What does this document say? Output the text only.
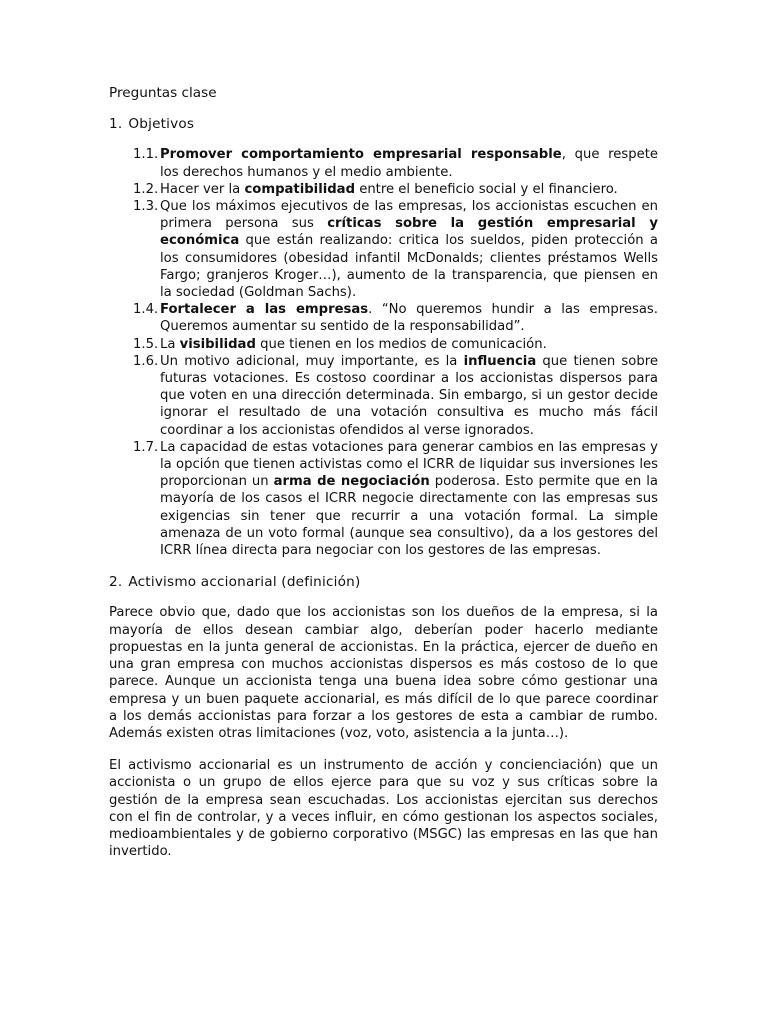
Preguntas clase
1. Objetivos
1.1. Promover comportamiento empresarial responsable, que respete los derechos humanos y el medio ambiente.
1.2. Hacer ver la compatibilidad entre el beneficio social y el financiero.
1.3. Que los máximos ejecutivos de las empresas, los accionistas escuchen en primera persona sus críticas sobre la gestión empresarial y económica que están realizando: critica los sueldos, piden protección a los consumidores (obesidad infantil McDonalds; clientes préstamos Wells Fargo; granjeros Kroger…), aumento de la transparencia, que piensen en la sociedad (Goldman Sachs).
1.4. Fortalecer a las empresas. “No queremos hundir a las empresas. Queremos aumentar su sentido de la responsabilidad”.
1.5. La visibilidad que tienen en los medios de comunicación.
1.6. Un motivo adicional, muy importante, es la influencia que tienen sobre futuras votaciones. Es costoso coordinar a los accionistas dispersos para que voten en una dirección determinada. Sin embargo, si un gestor decide ignorar el resultado de una votación consultiva es mucho más fácil coordinar a los accionistas ofendidos al verse ignorados.
1.7. La capacidad de estas votaciones para generar cambios en las empresas y la opción que tienen activistas como el ICRR de liquidar sus inversiones les proporcionan un arma de negociación poderosa. Esto permite que en la mayoría de los casos el ICRR negocie directamente con las empresas sus exigencias sin tener que recurrir a una votación formal. La simple amenaza de un voto formal (aunque sea consultivo), da a los gestores del ICRR línea directa para negociar con los gestores de las empresas.
2. Activismo accionarial (definición)

Parece obvio que, dado que los accionistas son los dueños de la empresa, si la mayoría de ellos desean cambiar algo, deberían poder hacerlo mediante propuestas en la junta general de accionistas. En la práctica, ejercer de dueño en una gran empresa con muchos accionistas dispersos es más costoso de lo que parece. Aunque un accionista tenga una buena idea sobre cómo gestionar una empresa y un buen paquete accionarial, es más difícil de lo que parece coordinar a los demás accionistas para forzar a los gestores de esta a cambiar de rumbo. Además existen otras limitaciones (voz, voto, asistencia a la junta…).

El activismo accionarial es un instrumento de acción y concienciación) que un accionista o un grupo de ellos ejerce para que su voz y sus críticas sobre la gestión de la empresa sean escuchadas. Los accionistas ejercitan sus derechos con el fin de controlar, y a veces influir, en cómo gestionan los aspectos sociales, medioambientales y de gobierno corporativo (MSGC) las empresas en las que han invertido.
